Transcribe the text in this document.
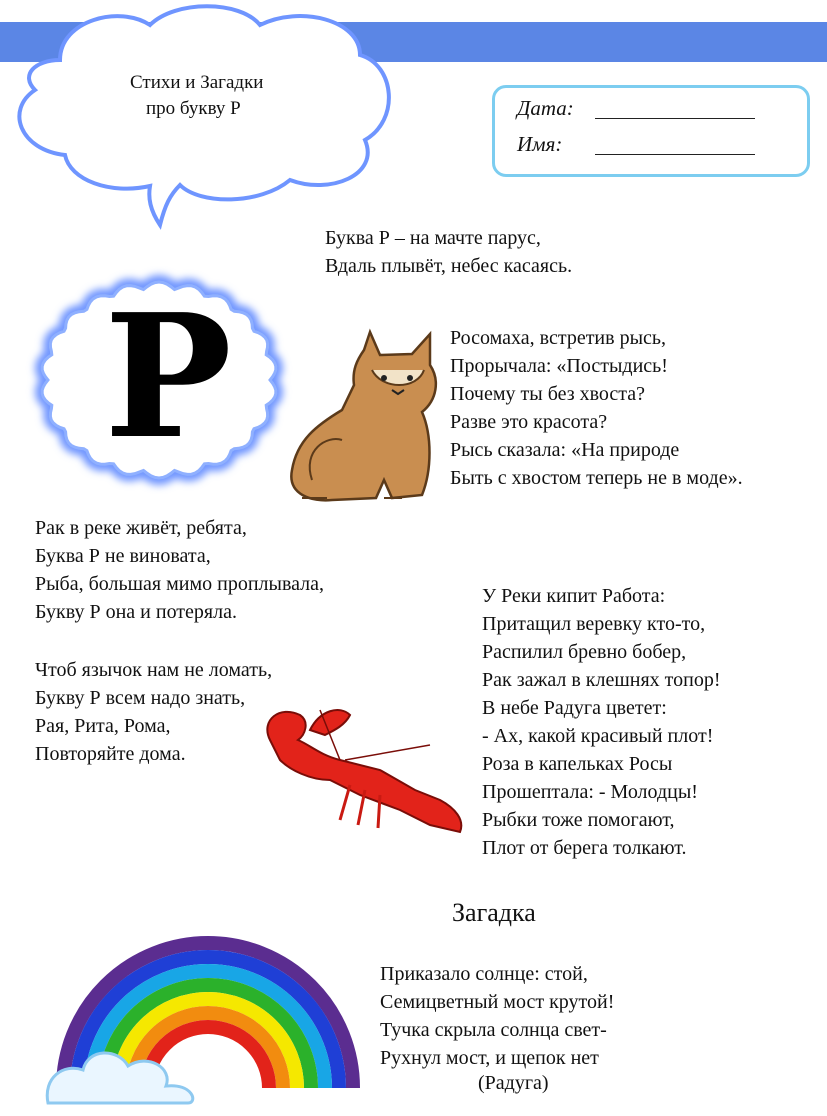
Стихи и Загадки
про букву Р	Дата:
Имя:
Буква Р – на мачте парус,
Вдаль плывёт, небес касаясь.
Р	Росомаха, встретив рысь,
Прорычала: «Постыдись!
Почему ты без хвоста?
Разве это красота?
Рысь сказала: «На природе
Быть с хвостом теперь не в моде».
Рак в реке живёт, ребята,
Буква Р не виновата,
Рыба, большая мимо проплывала,
Букву Р она и потеряла.
Чтоб язычок нам не ломать,
Букву Р всем надо знать,
Рая, Рита, Рома,
Повторяйте дома.
У Реки кипит Работа:
Притащил веревку кто-то,
Распилил бревно бобер,
Рак зажал в клешнях топор!
В небе Радуга цветет:
- Ах, какой красивый плот!
Роза в капельках Росы
Прошептала: - Молодцы!
Рыбки тоже помогают,
Плот от берега толкают.
Загадка
Приказало солнце: стой,
Семицветный мост крутой!
Тучка скрыла солнца свет-
Рухнул мост, и щепок нет
(Радуга)
